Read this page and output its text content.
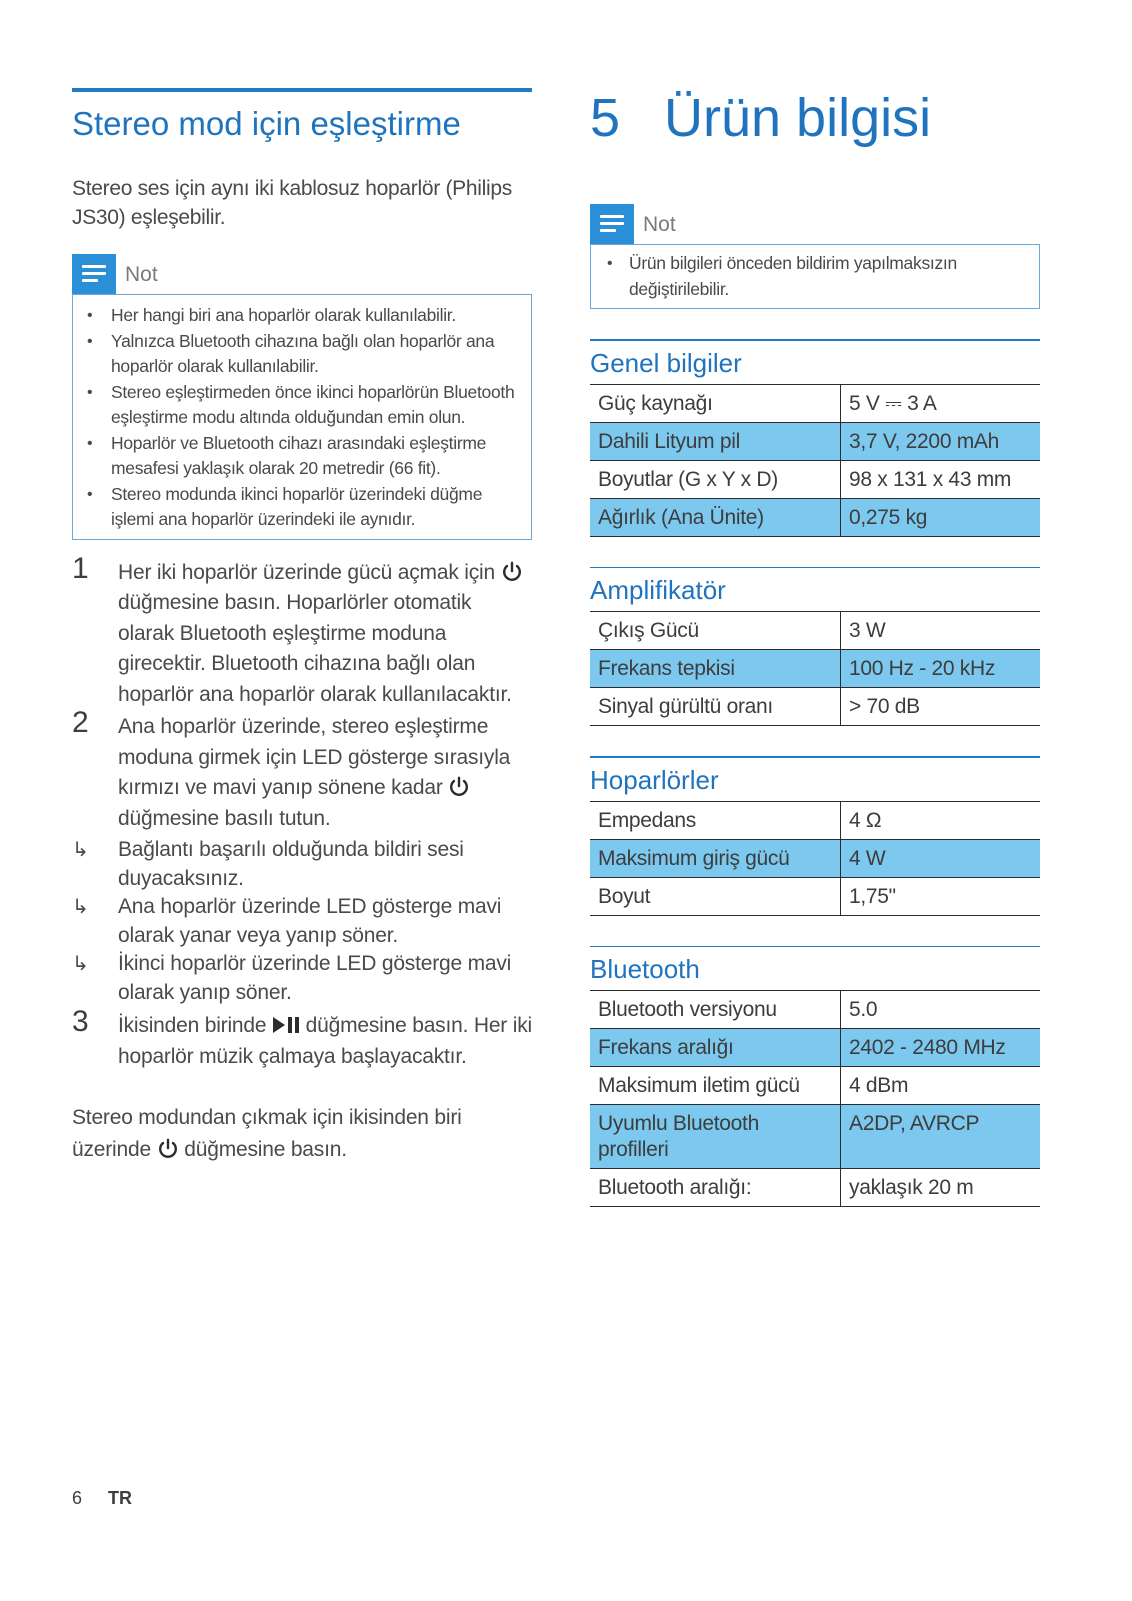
Stereo mod için eşleştirme
Stereo ses için aynı iki kablosuz hoparlör (Philips JS30) eşleşebilir.
Not
• Her hangi biri ana hoparlör olarak kullanılabilir.
• Yalnızca Bluetooth cihazına bağlı olan hoparlör ana hoparlör olarak kullanılabilir.
• Stereo eşleştirmeden önce ikinci hoparlörün Bluetooth eşleştirme modu altında olduğundan emin olun.
• Hoparlör ve Bluetooth cihazı arasındaki eşleştirme mesafesi yaklaşık olarak 20 metredir (66 fit).
• Stereo modunda ikinci hoparlör üzerindeki düğme işlemi ana hoparlör üzerindeki ile aynıdır.
1 Her iki hoparlör üzerinde gücü açmak için  düğmesine basın. Hoparlörler otomatik olarak Bluetooth eşleştirme moduna girecektir. Bluetooth cihazına bağlı olan hoparlör ana hoparlör olarak kullanılacaktır.
2 Ana hoparlör üzerinde, stereo eşleştirme moduna girmek için LED gösterge sırasıyla kırmızı ve mavi yanıp sönene kadar  düğmesine basılı tutun.
↳ Bağlantı başarılı olduğunda bildiri sesi duyacaksınız.
↳ Ana hoparlör üzerinde LED gösterge mavi olarak yanar veya yanıp söner.
↳ İkinci hoparlör üzerinde LED gösterge mavi olarak yanıp söner.
3 İkisinden birinde düğmesine basın. Her iki hoparlör müzik çalmaya başlayacaktır.
Stereo modundan çıkmak için ikisinden biri üzerinde düğmesine basın.
5 Ürün bilgisi
Not
• Ürün bilgileri önceden bildirim yapılmaksızın değiştirilebilir.
Genel bilgiler
Güç kaynağı	5 V ⎓ 3 A
Dahili Lityum pil	3,7 V, 2200 mAh
Boyutlar (G x Y x D)	98 x 131 x 43 mm
Ağırlık (Ana Ünite)	0,275 kg
Amplifikatör
Çıkış Gücü	3 W
Frekans tepkisi	100 Hz - 20 kHz
Sinyal gürültü oranı	> 70 dB
Hoparlörler
Empedans	4 Ω
Maksimum giriş gücü	4 W
Boyut	1,75"
Bluetooth
Bluetooth versiyonu	5.0
Frekans aralığı	2402 - 2480 MHz
Maksimum iletim gücü	4 dBm
Uyumlu Bluetooth profilleri	A2DP, AVRCP
Bluetooth aralığı:	yaklaşık 20 m
6 TR
